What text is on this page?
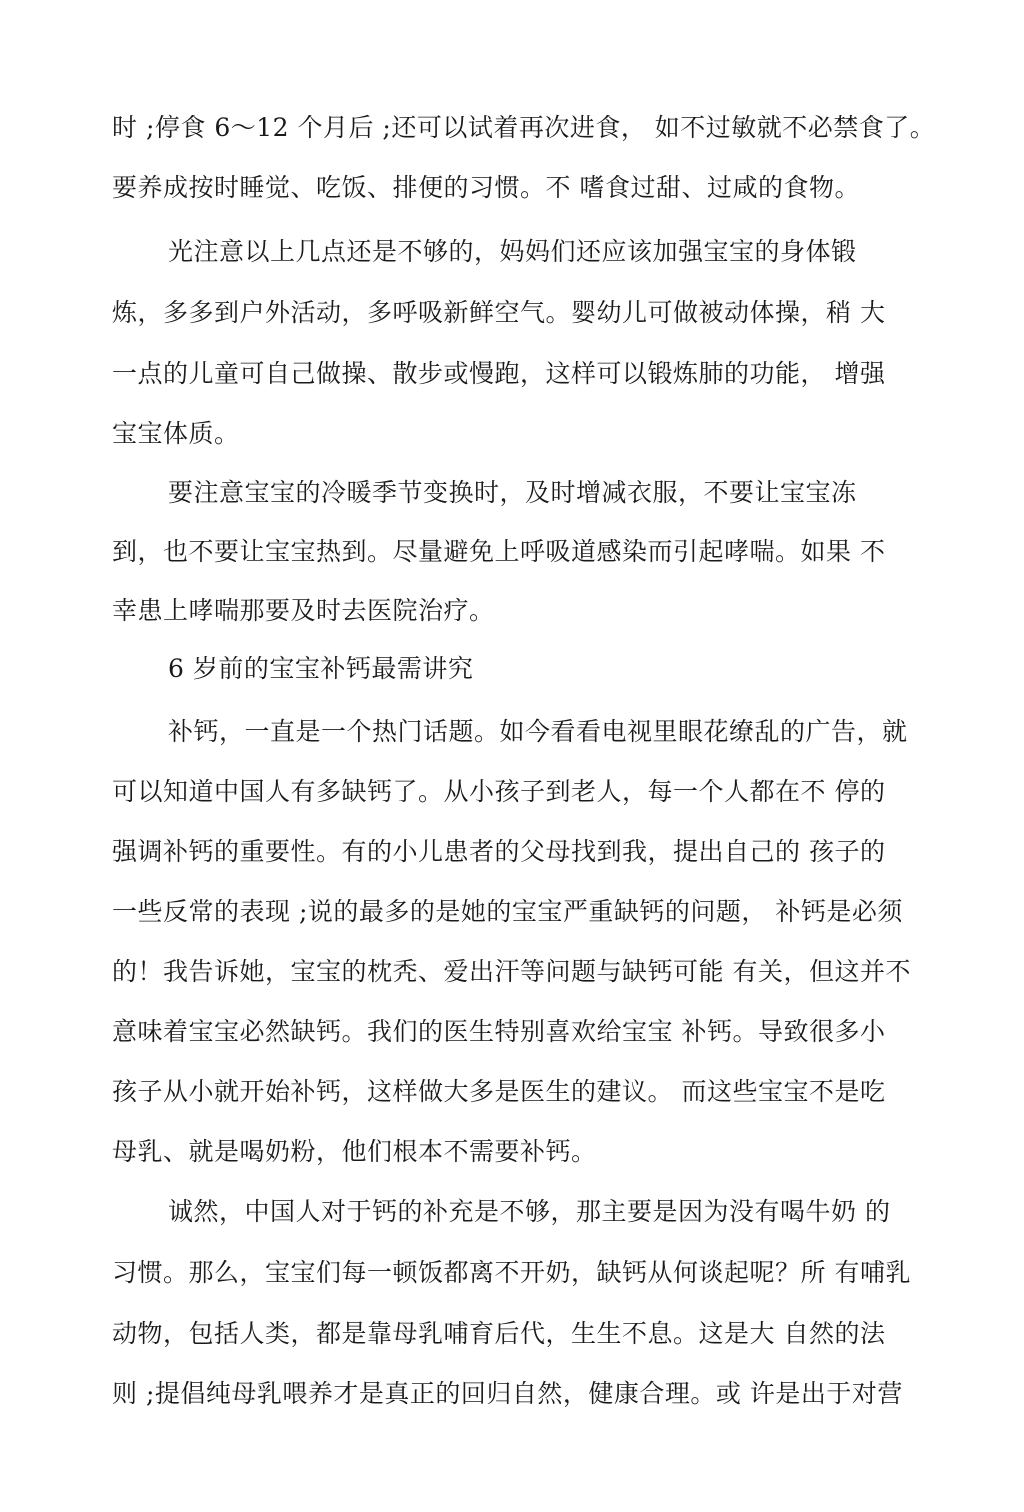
时 ;停食 6～12 个月后 ;还可以试着再次进食， 如不过敏就不必禁食了。
要养成按时睡觉、吃饭、排便的习惯。不 嗜食过甜、过咸的食物。
光注意以上几点还是不够的，妈妈们还应该加强宝宝的身体锻
炼，多多到户外活动，多呼吸新鲜空气。婴幼儿可做被动体操，稍 大
一点的儿童可自己做操、散步或慢跑，这样可以锻炼肺的功能， 增强
宝宝体质。
要注意宝宝的冷暖季节变换时，及时增减衣服，不要让宝宝冻
到，也不要让宝宝热到。尽量避免上呼吸道感染而引起哮喘。如果 不
幸患上哮喘那要及时去医院治疗。
6 岁前的宝宝补钙最需讲究
补钙，一直是一个热门话题。如今看看电视里眼花缭乱的广告，就
可以知道中国人有多缺钙了。从小孩子到老人，每一个人都在不 停的
强调补钙的重要性。有的小儿患者的父母找到我，提出自己的 孩子的
一些反常的表现 ;说的最多的是她的宝宝严重缺钙的问题， 补钙是必须
的！我告诉她，宝宝的枕秃、爱出汗等问题与缺钙可能 有关，但这并不
意味着宝宝必然缺钙。我们的医生特别喜欢给宝宝 补钙。导致很多小
孩子从小就开始补钙，这样做大多是医生的建议。 而这些宝宝不是吃
母乳、就是喝奶粉，他们根本不需要补钙。
诚然，中国人对于钙的补充是不够，那主要是因为没有喝牛奶 的
习惯。那么，宝宝们每一顿饭都离不开奶，缺钙从何谈起呢？所 有哺乳
动物，包括人类，都是靠母乳哺育后代，生生不息。这是大 自然的法
则 ;提倡纯母乳喂养才是真正的回归自然，健康合理。或 许是出于对营
